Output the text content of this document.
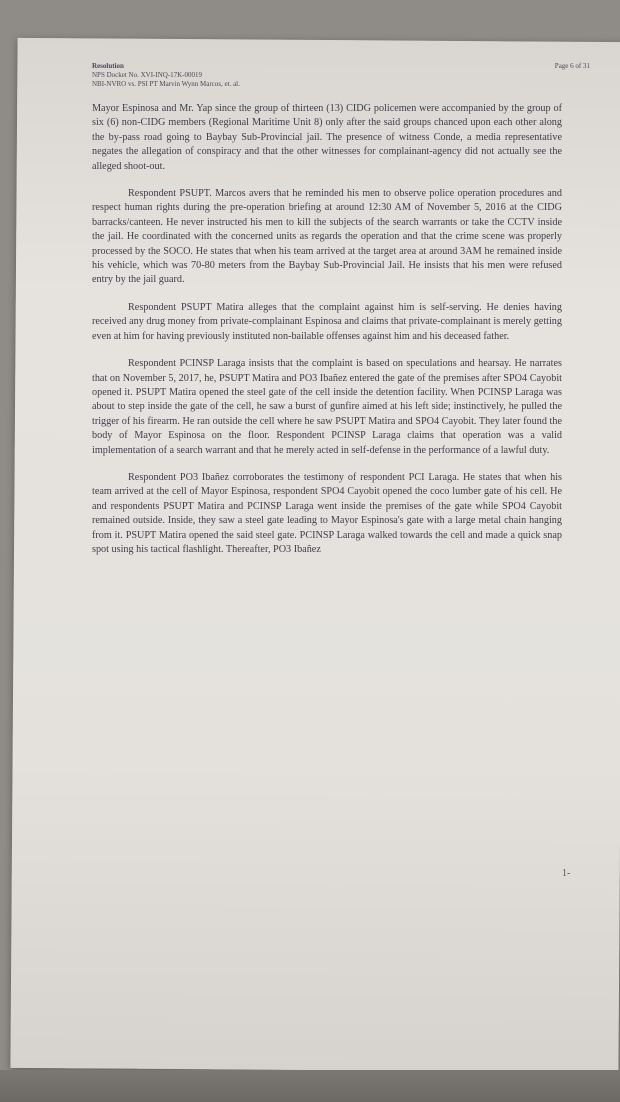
Resolution
NPS Docket No. XVI-INQ-17K-00019
NBI-NVRO vs. PSI PT Marvin Wynn Marcos, et. al.
Page 6 of 31

Mayor Espinosa and Mr. Yap since the group of thirteen (13) CIDG policemen were accompanied by the group of six (6) non-CIDG members (Regional Maritime Unit 8) only after the said groups chanced upon each other along the by-pass road going to Baybay Sub-Provincial jail. The presence of witness Conde, a media representative negates the allegation of conspiracy and that the other witnesses for complainant-agency did not actually see the alleged shoot-out.

Respondent PSUPT. Marcos avers that he reminded his men to observe police operation procedures and respect human rights during the pre-operation briefing at around 12:30 AM of November 5, 2016 at the CIDG barracks/canteen. He never instructed his men to kill the subjects of the search warrants or take the CCTV inside the jail. He coordinated with the concerned units as regards the operation and that the crime scene was properly processed by the SOCO. He states that when his team arrived at the target area at around 3AM he remained inside his vehicle, which was 70-80 meters from the Baybay Sub-Provincial Jail. He insists that his men were refused entry by the jail guard.

Respondent PSUPT Matira alleges that the complaint against him is self-serving. He denies having received any drug money from private-complainant Espinosa and claims that private-complainant is merely getting even at him for having previously instituted non-bailable offenses against him and his deceased father.

Respondent PCINSP Laraga insists that the complaint is based on speculations and hearsay. He narrates that on November 5, 2017, he, PSUPT Matira and PO3 Ibañez entered the gate of the premises after SPO4 Cayobit opened it. PSUPT Matira opened the steel gate of the cell inside the detention facility. When PCINSP Laraga was about to step inside the gate of the cell, he saw a burst of gunfire aimed at his left side; instinctively, he pulled the trigger of his firearm. He ran outside the cell where he saw PSUPT Matira and SPO4 Cayobit. They later found the body of Mayor Espinosa on the floor. Respondent PCINSP Laraga claims that operation was a valid implementation of a search warrant and that he merely acted in self-defense in the performance of a lawful duty.

Respondent PO3 Ibañez corroborates the testimony of respondent PCI Laraga. He states that when his team arrived at the cell of Mayor Espinosa, respondent SPO4 Cayobit opened the coco lumber gate of his cell. He and respondents PSUPT Matira and PCINSP Laraga went inside the premises of the gate while SPO4 Cayobit remained outside. Inside, they saw a steel gate leading to Mayor Espinosa's gate with a large metal chain hanging from it. PSUPT Matira opened the said steel gate. PCINSP Laraga walked towards the cell and made a quick snap spot using his tactical flashlight. Thereafter, PO3 Ibañez

1-
